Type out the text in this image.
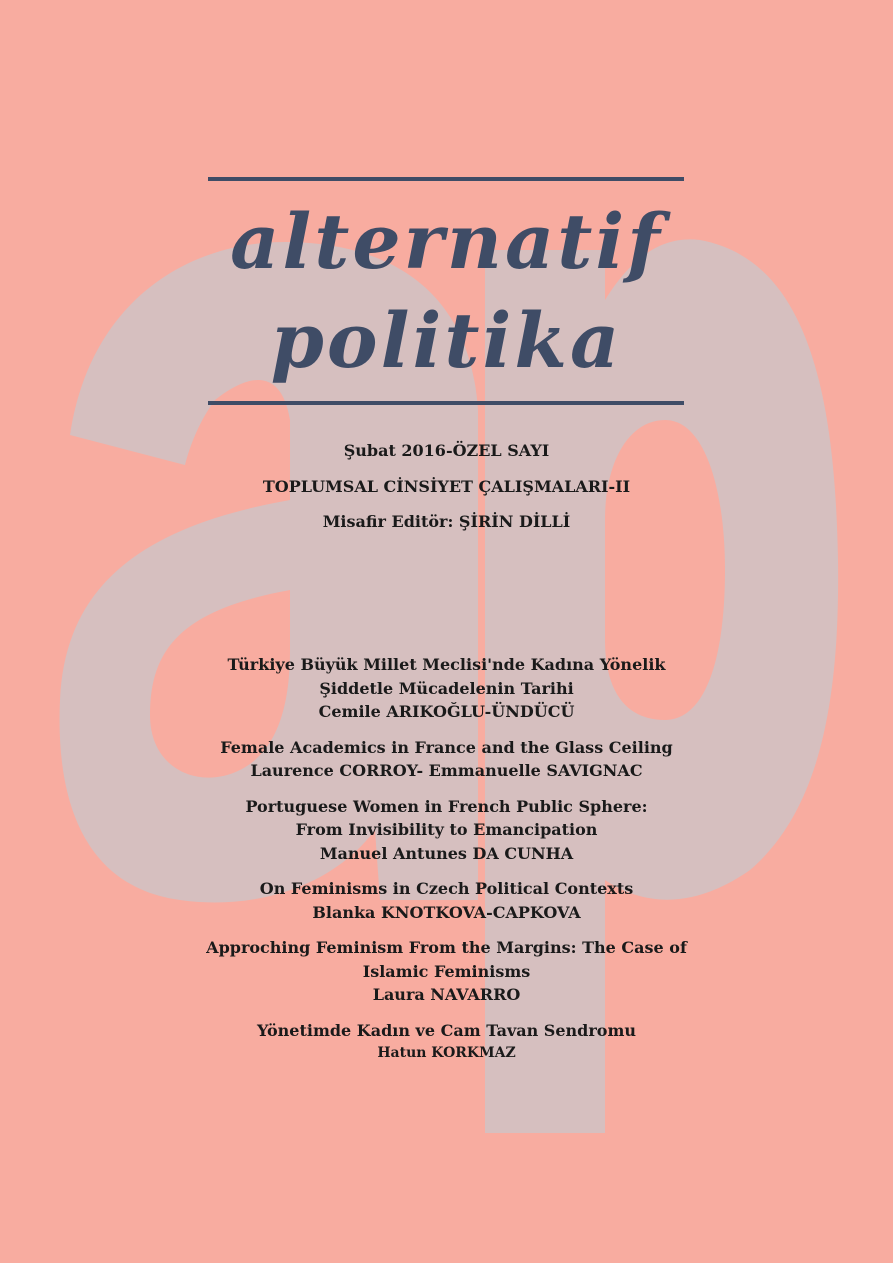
alternatif
politika
Şubat 2016-ÖZEL SAYI
TOPLUMSAL CİNSİYET ÇALIŞMALARI-II
Misafir Editör: ŞİRİN DİLLİ
Türkiye Büyük Millet Meclisi'nde Kadına Yönelik
Şiddetle Mücadelenin Tarihi
Cemile ARIKOĞLU-ÜNDÜCÜ
Female Academics in France and the Glass Ceiling
Laurence CORROY- Emmanuelle SAVIGNAC
Portuguese Women in French Public Sphere:
From Invisibility to Emancipation
Manuel Antunes DA CUNHA
On Feminisms in Czech Political Contexts
Blanka KNOTKOVA-CAPKOVA
Approching Feminism From the Margins: The Case of
Islamic Feminisms
Laura NAVARRO
Yönetimde Kadın ve Cam Tavan Sendromu
Hatun KORKMAZ
